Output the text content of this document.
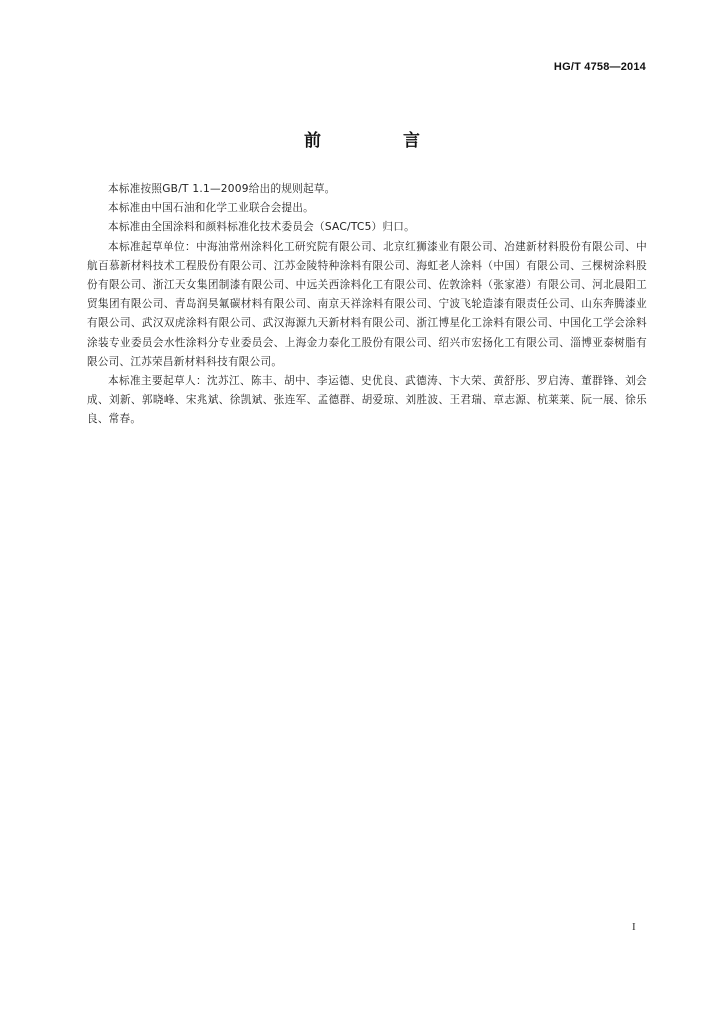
HG/T 4758—2014
前 言

本标准按照GB/T 1.1—2009给出的规则起草。

本标准由中国石油和化学工业联合会提出。

本标准由全国涂料和颜料标准化技术委员会（SAC/TC5）归口。

本标准起草单位：中海油常州涂料化工研究院有限公司、北京红狮漆业有限公司、冶建新材料股份有限公司、中航百慕新材料技术工程股份有限公司、江苏金陵特种涂料有限公司、海虹老人涂料（中国）有限公司、三棵树涂料股份有限公司、浙江天女集团制漆有限公司、中远关西涂料化工有限公司、佐敦涂料（张家港）有限公司、河北晨阳工贸集团有限公司、青岛润昊氟碳材料有限公司、南京天祥涂料有限公司、宁波飞轮造漆有限责任公司、山东奔腾漆业有限公司、武汉双虎涂料有限公司、武汉海源九天新材料有限公司、浙江博星化工涂料有限公司、中国化工学会涂料涂装专业委员会水性涂料分专业委员会、上海金力泰化工股份有限公司、绍兴市宏扬化工有限公司、淄博亚泰树脂有限公司、江苏荣昌新材料科技有限公司。

本标准主要起草人：沈苏江、陈丰、胡中、李运德、史优良、武德涛、卞大荣、黄舒彤、罗启涛、董群锋、刘会成、刘新、郭晓峰、宋兆斌、徐凯斌、张连军、孟德群、胡爱琼、刘胜波、王君瑞、章志源、杭莱莱、阮一展、徐乐良、常春。

I
